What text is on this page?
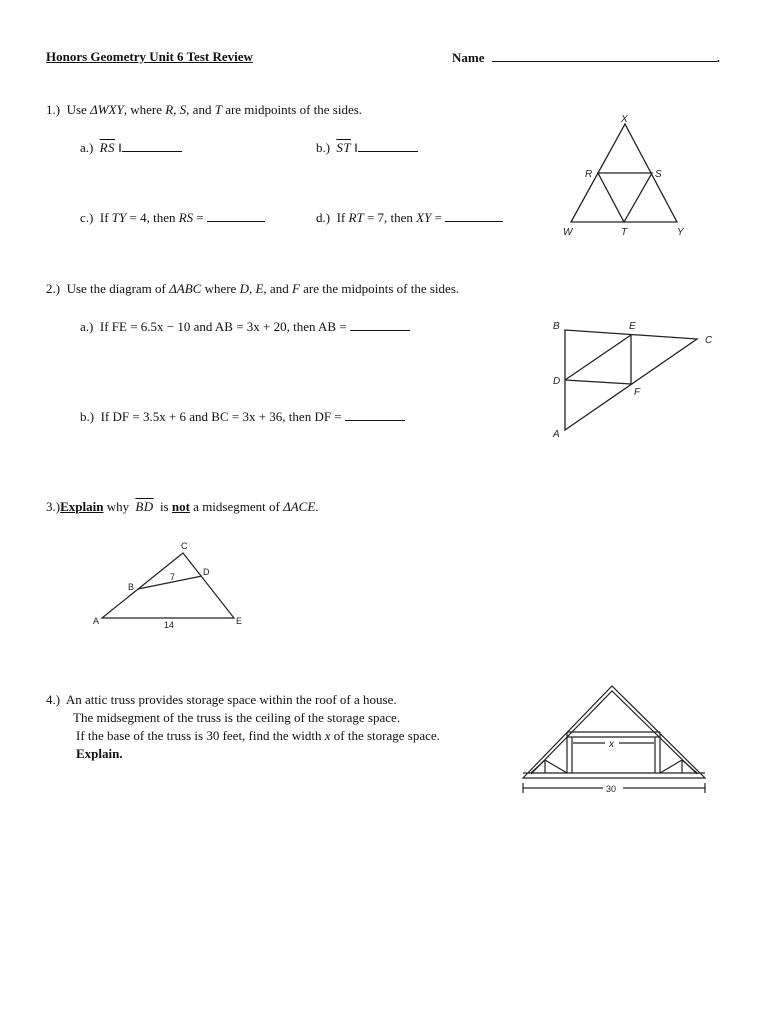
Honors Geometry Unit 6 Test Review	Name	.
1.) Use ΔWXY, where R, S, and T are midpoints of the sides.
a.) $\overline{RS}$ ‖	b.) $\overline{ST}$ ‖
c.) If TY = 4, then RS =	d.) If RT = 7, then XY =
X
R	S
W	T	Y
2.) Use the diagram of ΔABC where D, E, and F are the midpoints of the sides.
a.) If FE = 6.5x − 10 and AB = 3x + 20, then AB =
b.) If DF = 3.5x + 6 and BC = 3x + 36, then DF =
B	E
C
D
F
A
3.)Explain why $\overline{BD}$ is not a midsegment of ΔACE.
C
B
D
7
A	E
14
4.) An attic truss provides storage space within the roof of a house.
The midsegment of the truss is the ceiling of the storage space.
If the base of the truss is 30 feet, find the width x of the storage space.
Explain.
x
30
